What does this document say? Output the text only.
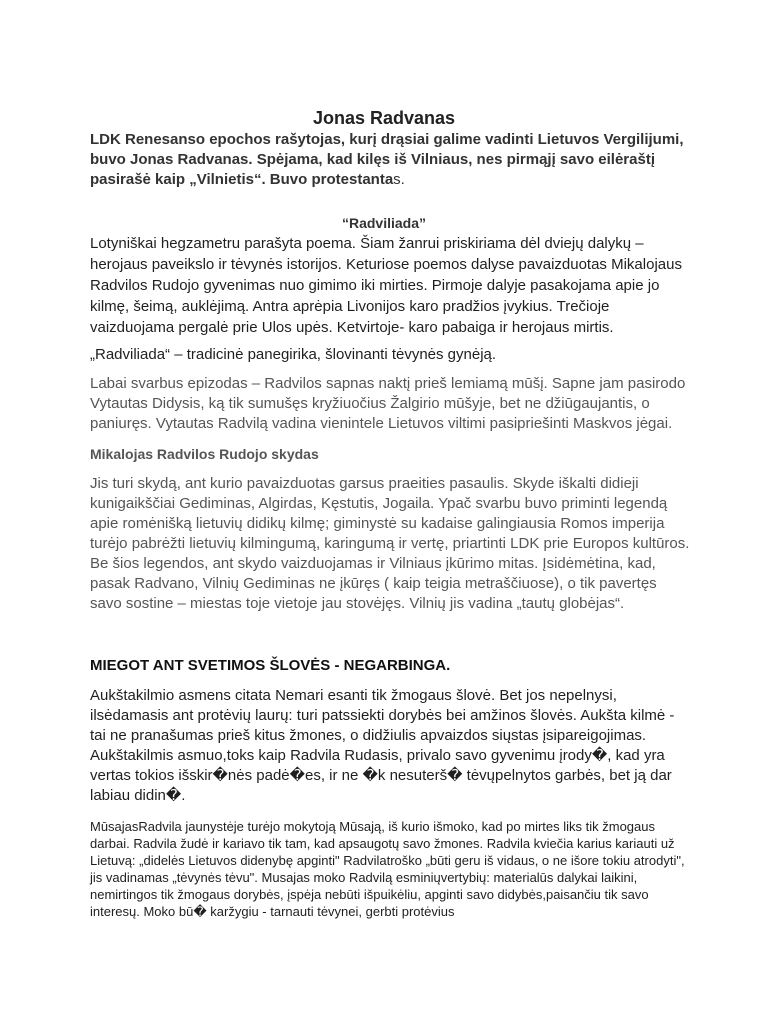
Jonas Radvanas

LDK Renesanso epochos rašytojas, kurį drąsiai galime vadinti Lietuvos Vergilijumi, buvo Jonas Radvanas. Spėjama, kad kilęs iš Vilniaus, nes pirmąjį savo eilėraštį pasirašė kaip „Vilnietis“. Buvo protestantas.

“Radviliada”

Lotyniškai hegzametru parašyta poema. Šiam žanrui priskiriama dėl dviejų dalykų – herojaus paveikslo ir tėvynės istorijos. Keturiose poemos dalyse pavaizduotas Mikalojaus Radvilos Rudojo gyvenimas nuo gimimo iki mirties. Pirmoje dalyje pasakojama apie jo kilmę, šeimą, auklėjimą. Antra aprėpia Livonijos karo pradžios įvykius. Trečioje vaizduojama pergalė prie Ulos upės. Ketvirtoje- karo pabaiga ir herojaus mirtis.

„Radviliada“ – tradicinė panegirika, šlovinanti tėvynės gynėją.

Labai svarbus epizodas – Radvilos sapnas naktį prieš lemiamą mūšį. Sapne jam pasirodo Vytautas Didysis, ką tik sumušęs kryžiuočius Žalgirio mūšyje, bet ne džiūgaujantis, o paniuręs. Vytautas Radvilą vadina vienintele Lietuvos viltimi pasipriešinti Maskvos jėgai.

Mikalojas Radvilos Rudojo skydas

Jis turi skydą, ant kurio pavaizduotas garsus praeities pasaulis. Skyde iškalti didieji kunigaikščiai Gediminas, Algirdas, Kęstutis, Jogaila. Ypač svarbu buvo priminti legendą apie romėnišką lietuvių didikų kilmę; giminystė su kadaise galingiausia Romos imperija turėjo pabrėžti lietuvių kilmingumą, karingumą ir vertę, priartinti LDK prie Europos kultūros. Be šios legendos, ant skydo vaizduojamas ir Vilniaus įkūrimo mitas. Įsidėmėtina, kad, pasak Radvano, Vilnių Gediminas ne įkūręs ( kaip teigia metraščiuose), o tik pavertęs savo sostine – miestas toje vietoje jau stovėjęs. Vilnių jis vadina „tautų globėjas“.

MIEGOT ANT SVETIMOS ŠLOVĖS - NEGARBINGA.

Aukštakilmio asmens citata Nemari esanti tik žmogaus šlovė. Bet jos nepelnysi, ilsėdamasis ant protėvių laurų: turi patssiekti dorybės bei amžinos šlovės. Aukšta kilmė - tai ne pranašumas prieš kitus žmones, o didžiulis apvaizdos siųstas įsipareigojimas. Aukštakilmis asmuo,toks kaip Radvila Rudasis, privalo savo gyvenimu įrody�, kad yra vertas tokios išskir�nės padė�es, ir ne �k nesuterš� tėvųpelnytos garbės, bet ją dar labiau didin�.

MūsajasRadvila jaunystėje turėjo mokytoją Mūsają, iš kurio išmoko, kad po mirtes liks tik žmogaus darbai. Radvila žudė ir kariavo tik tam, kad apsaugotų savo žmones. Radvila kviečia karius kariauti už Lietuvą: „didelės Lietuvos didenybę apginti" Radvilatroško „būti geru iš vidaus, o ne išore tokiu atrodyti", jis vadinamas „tėvynės tėvu". Musajas moko Radvilą esminiųvertybių: materialūs dalykai laikini, nemirtingos tik žmogaus dorybės, įspėja nebūti išpuikėliu, apginti savo didybės,paisančiu tik savo interesų. Moko bū� karžygiu - tarnauti tėvynei, gerbti protėvius
